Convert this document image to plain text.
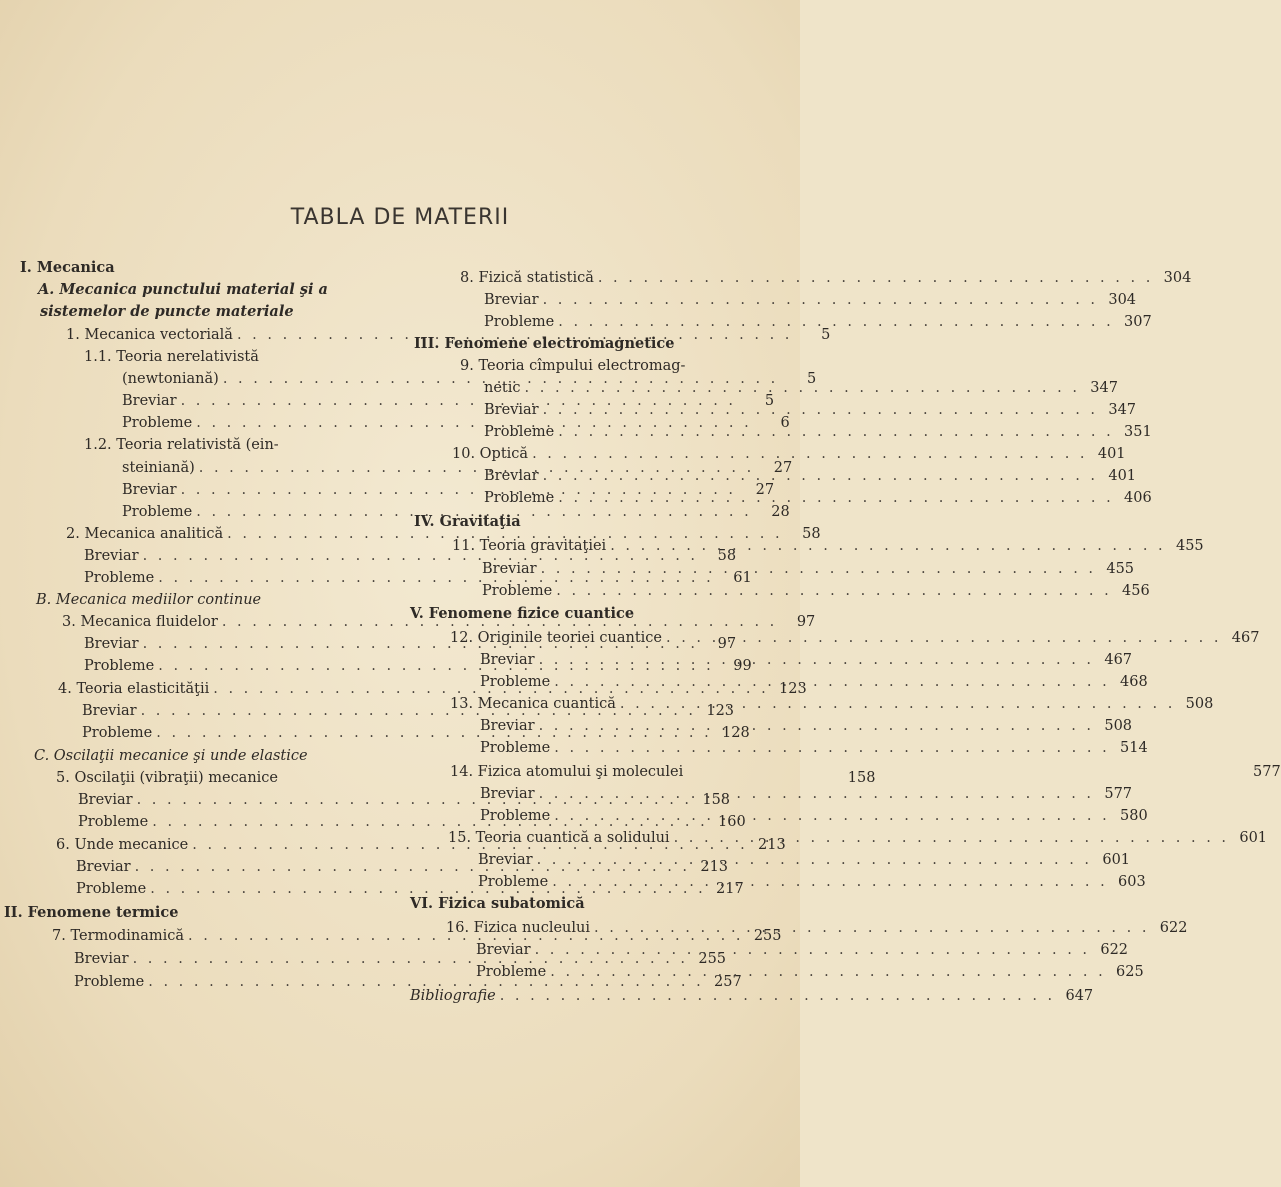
TABLA DE MATERII
I. Mecanica
A. Mecanica punctului material şi a
sistemelor de puncte materiale
1. Mecanica vectorială . . .	5
1.1. Teoria nerelativistă
(newtoniană) . . .	5
Breviar . . .	5
Probleme . . .	6
1.2. Teoria relativistă (ein-
steiniană) . . .	27
Breviar . . .	27
Probleme . . .	28
2. Mecanica analitică . . .	58
Breviar . . .	58
Probleme . . .	61
B. Mecanica mediilor continue
3. Mecanica fluidelor . . .	97
Breviar . . .	97
Probleme . . .	99
4. Teoria elasticităţii . . .	123
Breviar . . .	123
Probleme . . .	128
C. Oscilaţii mecanice şi unde elastice
5. Oscilaţii (vibraţii) mecanice	158
Breviar . . .	158
Probleme . . .	160
6. Unde mecanice . . .	213
Breviar . . .	213
Probleme . . .	217
II. Fenomene termice
7. Termodinamică . . .	255
Breviar . . .	255
Probleme . . .	257
8. Fizică statistică . . .	304
Breviar . . .	304
Probleme . . .	307
III. Fenomene electromagnetice
9. Teoria cîmpului electromag-
netic . . .	347
Breviar . . .	347
Probleme . . .	351
10. Optică . . .	401
Breviar . . .	401
Probleme . . .	406
IV. Gravitaţia
11. Teoria gravitaţiei . . .	455
Breviar . . .	455
Probleme . . .	456
V. Fenomene fizice cuantice
12. Originile teoriei cuantice . . .	467
Breviar . . .	467
Probleme . . .	468
13. Mecanica cuantică . . .	508
Breviar . . .	508
Probleme . . .	514
14. Fizica atomului şi moleculei	577
Breviar . . .	577
Probleme . . .	580
15. Teoria cuantică a solidului . . .	601
Breviar . . .	601
Probleme . . .	603
VI. Fizica subatomică
16. Fizica nucleului . . .	622
Breviar . . .	622
Probleme . . .	625
Bibliografie . . .	647
